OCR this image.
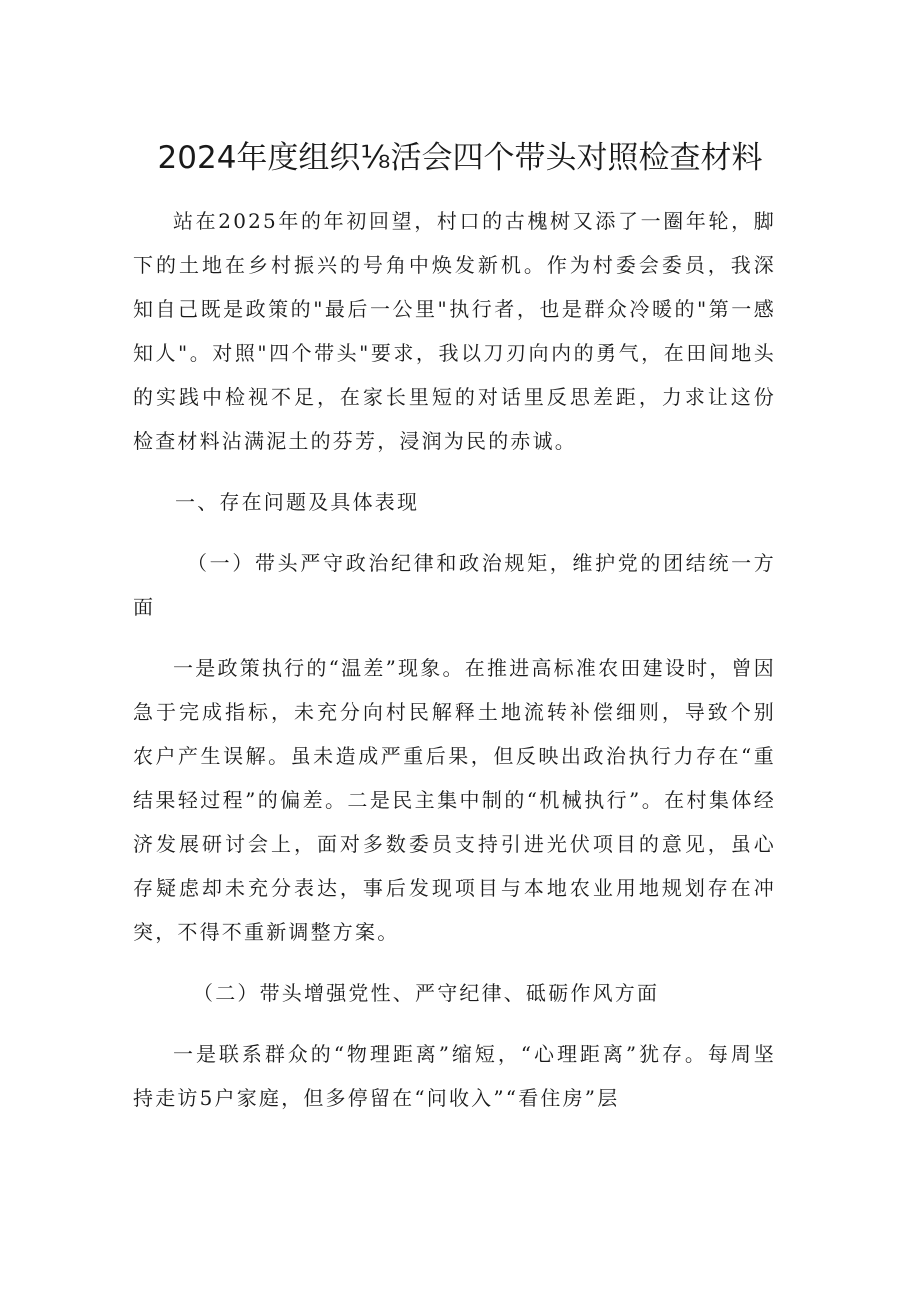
2024年度组织⅛活会四个带头对照检查材料

站在2025年的年初回望，村口的古槐树又添了一圈年轮，脚下的土地在乡村振兴的号角中焕发新机。作为村委会委员，我深知自己既是政策的"最后一公里"执行者，也是群众冷暖的"第一感知人"。对照"四个带头"要求，我以刀刃向内的勇气，在田间地头的实践中检视不足，在家长里短的对话里反思差距，力求让这份检查材料沾满泥土的芬芳，浸润为民的赤诚。

一、存在问题及具体表现

（一）带头严守政治纪律和政治规矩，维护党的团结统一方面

一是政策执行的“温差”现象。在推进高标准农田建设时，曾因急于完成指标，未充分向村民解释土地流转补偿细则，导致个别农户产生误解。虽未造成严重后果，但反映出政治执行力存在“重结果轻过程”的偏差。二是民主集中制的“机械执行”。在村集体经济发展研讨会上，面对多数委员支持引进光伏项目的意见，虽心存疑虑却未充分表达，事后发现项目与本地农业用地规划存在冲突，不得不重新调整方案。

（二）带头增强党性、严守纪律、砥砺作风方面

一是联系群众的“物理距离”缩短，“心理距离”犹存。每周坚持走访5户家庭，但多停留在“问收入”“看住房”层
